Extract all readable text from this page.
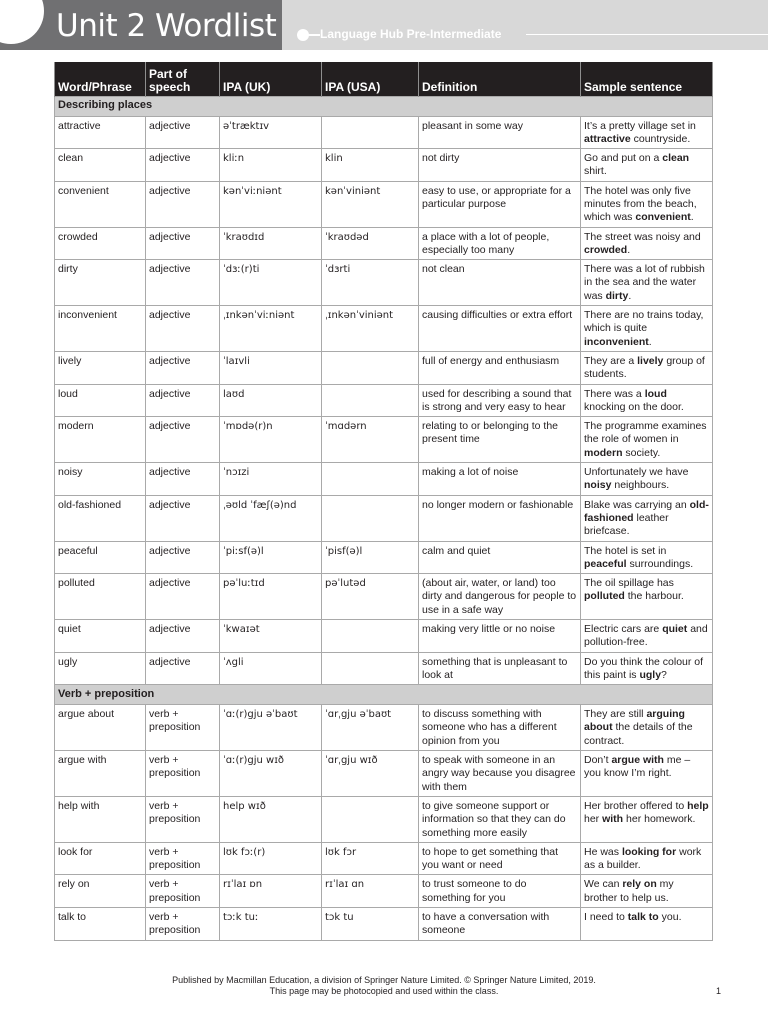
Unit 2 Wordlist	Language Hub Pre-Intermediate
Word/Phrase	Part of speech	IPA (UK)	IPA (USA)	Definition	Sample sentence
Describing places					
attractive	adjective	əˈtræktɪv		pleasant in some way	It’s a pretty village set in attractive countryside.
clean	adjective	kliːn	klin	not dirty	Go and put on a clean shirt.
convenient	adjective	kənˈviːniənt	kənˈviniənt	easy to use, or appropriate for a particular purpose	The hotel was only five minutes from the beach, which was convenient.
crowded	adjective	ˈkraʊdɪd	ˈkraʊdəd	a place with a lot of people, especially too many	The street was noisy and crowded.
dirty	adjective	ˈdɜː(r)ti	ˈdɜrti	not clean	There was a lot of rubbish in the sea and the water was dirty.
inconvenient	adjective	ˌɪnkənˈviːniənt	ˌɪnkənˈviniənt	causing difficulties or extra effort	There are no trains today, which is quite inconvenient.
lively	adjective	ˈlaɪvli		full of energy and enthusiasm	They are a lively group of students.
loud	adjective	laʊd		used for describing a sound that is strong and very easy to hear	There was a loud knocking on the door.
modern	adjective	ˈmɒdə(r)n	ˈmɑdərn	relating to or belonging to the present time	The programme examines the role of women in modern society.
noisy	adjective	ˈnɔɪzi		making a lot of noise	Unfortunately we have noisy neighbours.
old-fashioned	adjective	ˌəʊld ˈfæʃ(ə)nd		no longer modern or fashionable	Blake was carrying an old-fashioned leather briefcase.
peaceful	adjective	ˈpiːsf(ə)l	ˈpisf(ə)l	calm and quiet	The hotel is set in peaceful surroundings.
polluted	adjective	pəˈluːtɪd	pəˈlutəd	(about air, water, or land) too dirty and dangerous for people to use in a safe way	The oil spillage has polluted the harbour.
quiet	adjective	ˈkwaɪət		making very little or no noise	Electric cars are quiet and pollution-free.
ugly	adjective	ˈʌgli		something that is unpleasant to look at	Do you think the colour of this paint is ugly?
Verb + preposition					
argue about	verb + preposition	ˈɑː(r)gju əˈbaʊt	ˈɑrˌgju əˈbaʊt	to discuss something with someone who has a different opinion from you	They are still arguing about the details of the contract.
argue with	verb + preposition	ˈɑː(r)gju wɪð	ˈɑrˌgju wɪð	to speak with someone in an angry way because you disagree with them	Don’t argue with me – you know I’m right.
help with	verb + preposition	help wɪð		to give someone support or information so that they can do something more easily	Her brother offered to help her with her homework.
look for	verb + preposition	lʊk fɔː(r)	lʊk fɔr	to hope to get something that you want or need	He was looking for work as a builder.
rely on	verb + preposition	rɪˈlaɪ ɒn	rɪˈlaɪ ɑn	to trust someone to do something for you	We can rely on my brother to help us.
talk to	verb + preposition	tɔːk tuː	tɔk tu	to have a conversation with someone	I need to talk to you.
Published by Macmillan Education, a division of Springer Nature Limited. © Springer Nature Limited, 2019.
This page may be photocopied and used within the class.	1
